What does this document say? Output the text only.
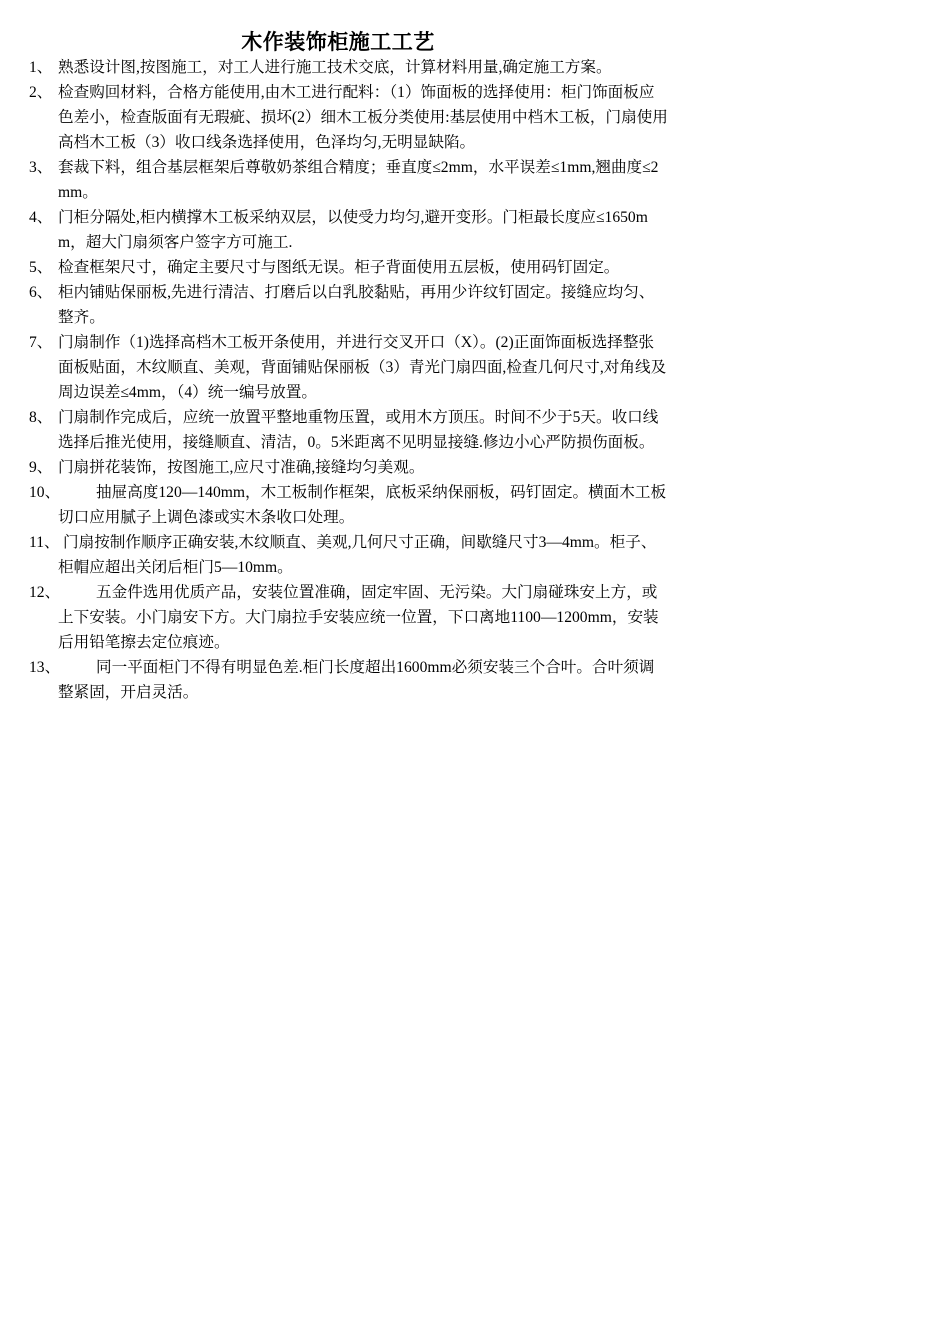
木作装饰柜施工工艺
1、 熟悉设计图,按图施工，对工人进行施工技术交底，计算材料用量,确定施工方案。
2、 检查购回材料，合格方能使用,由木工进行配料：（1）饰面板的选择使用：柜门饰面板应色差小，检查版面有无瑕疵、损坏(2）细木工板分类使用:基层使用中档木工板，门扇使用高档木工板（3）收口线条选择使用，色泽均匀,无明显缺陷。
3、 套裁下料，组合基层框架后尊敬奶茶组合精度；垂直度≤2mm，水平误差≤1mm,翘曲度≤2mm。
4、 门柜分隔处,柜内横撑木工板采纳双层，以使受力均匀,避开变形。门柜最长度应≤1650mm，超大门扇须客户签字方可施工.
5、 检查框架尺寸，确定主要尺寸与图纸无误。柜子背面使用五层板，使用码钉固定。
6、 柜内铺贴保丽板,先进行清洁、打磨后以白乳胶黏贴，再用少许纹钉固定。接缝应均匀、整齐。
7、 门扇制作（1)选择高档木工板开条使用，并进行交叉开口（X）。(2)正面饰面板选择整张面板贴面，木纹顺直、美观，背面铺贴保丽板（3）青光门扇四面,检查几何尺寸,对角线及周边误差≤4mm，（4）统一编号放置。
8、 门扇制作完成后，应统一放置平整地重物压置，或用木方顶压。时间不少于5天。收口线选择后推光使用，接缝顺直、清洁，0。5米距离不见明显接缝.修边小心严防损伤面板。
9、 门扇拼花装饰，按图施工,应尺寸准确,接缝均匀美观。
10、	抽屉高度120—140mm，木工板制作框架，底板采纳保丽板，码钉固定。横面木工板切口应用腻子上调色漆或实木条收口处理。
11、 门扇按制作顺序正确安装,木纹顺直、美观,几何尺寸正确，间歇缝尺寸3—4mm。柜子、柜帽应超出关闭后柜门5—10mm。
12、	五金件选用优质产品，安装位置准确，固定牢固、无污染。大门扇碰珠安上方，或上下安装。小门扇安下方。大门扇拉手安装应统一位置，下口离地1100—1200mm，安装后用铅笔擦去定位痕迹。
13、	同一平面柜门不得有明显色差.柜门长度超出1600mm必须安装三个合叶。合叶须调整紧固，开启灵活。
